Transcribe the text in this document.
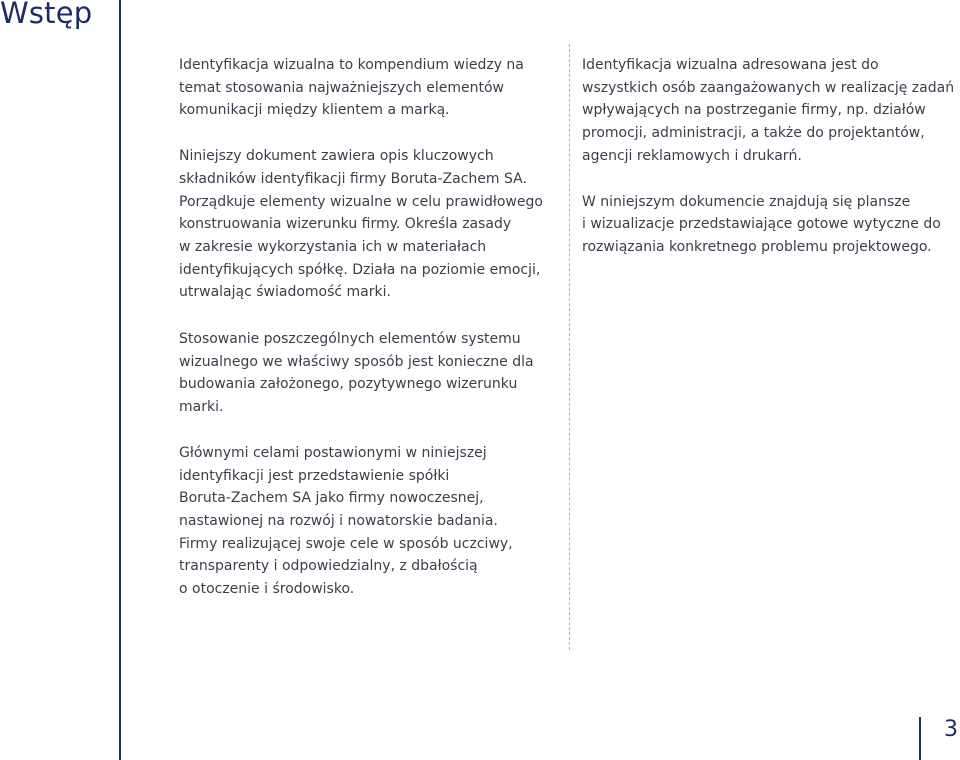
Wstęp

Identyfikacja wizualna to kompendium wiedzy na
temat stosowania najważniejszych elementów
komunikacji między klientem a marką.

Niniejszy dokument zawiera opis kluczowych
składników identyfikacji firmy Boruta-Zachem SA.
Porządkuje elementy wizualne w celu prawidłowego
konstruowania wizerunku firmy. Określa zasady
w zakresie wykorzystania ich w materiałach
identyfikujących spółkę. Działa na poziomie emocji,
utrwalając świadomość marki.

Stosowanie poszczególnych elementów systemu
wizualnego we właściwy sposób jest konieczne dla
budowania założonego, pozytywnego wizerunku
marki.

Głównymi celami postawionymi w niniejszej
identyfikacji jest przedstawienie spółki
Boruta-Zachem SA jako firmy nowoczesnej,
nastawionej na rozwój i nowatorskie badania.
Firmy realizującej swoje cele w sposób uczciwy,
transparenty i odpowiedzialny, z dbałością
o otoczenie i środowisko.

Identyfikacja wizualna adresowana jest do
wszystkich osób zaangażowanych w realizację zadań
wpływających na postrzeganie firmy, np. działów
promocji, administracji, a także do projektantów,
agencji reklamowych i drukarń.

W niniejszym dokumencie znajdują się plansze
i wizualizacje przedstawiające gotowe wytyczne do
rozwiązania konkretnego problemu projektowego.

3
